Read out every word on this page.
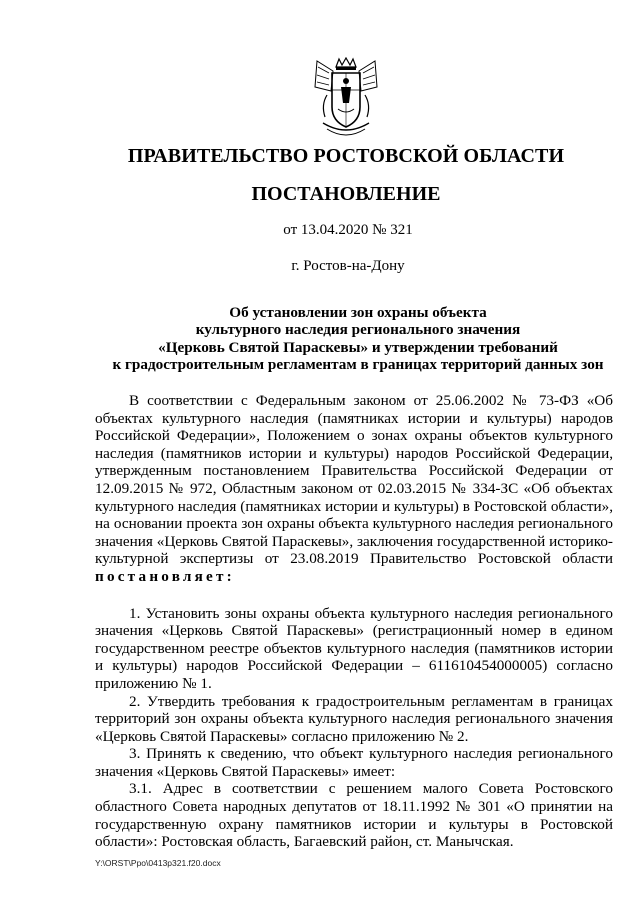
ПРАВИТЕЛЬСТВО РОСТОВСКОЙ ОБЛАСТИ
ПОСТАНОВЛЕНИЕ
от 13.04.2020 № 321
г. Ростов-на-Дону
Об установлении зон охраны объекта
культурного наследия регионального значения
«Церковь Святой Параскевы» и утверждении требований
к градостроительным регламентам в границах территорий данных зон

В соответствии с Федеральным законом от 25.06.2002 № 73-ФЗ «Об объектах культурного наследия (памятниках истории и культуры) народов Российской Федерации», Положением о зонах охраны объектов культурного наследия (памятников истории и культуры) народов Российской Федерации, утвержденным постановлением Правительства Российской Федерации от 12.09.2015 № 972, Областным законом от 02.03.2015 № 334-ЗС «Об объектах культурного наследия (памятниках истории и культуры) в Ростовской области», на основании проекта зон охраны объекта культурного наследия регионального значения «Церковь Святой Параскевы», заключения государственной историко-культурной экспертизы от 23.08.2019 Правительство Ростовской области постановляет:

1. Установить зоны охраны объекта культурного наследия регионального значения «Церковь Святой Параскевы» (регистрационный номер в едином государственном реестре объектов культурного наследия (памятников истории и культуры) народов Российской Федерации – 611610454000005) согласно приложению № 1.

2. Утвердить требования к градостроительным регламентам в границах территорий зон охраны объекта культурного наследия регионального значения «Церковь Святой Параскевы» согласно приложению № 2.

3. Принять к сведению, что объект культурного наследия регионального значения «Церковь Святой Параскевы» имеет:

3.1. Адрес в соответствии с решением малого Совета Ростовского областного Совета народных депутатов от 18.11.1992 № 301 «О принятии на государственную охрану памятников истории и культуры в Ростовской области»: Ростовская область, Багаевский район, ст. Манычская.

Y:\ORST\Ppo\0413p321.f20.docx
